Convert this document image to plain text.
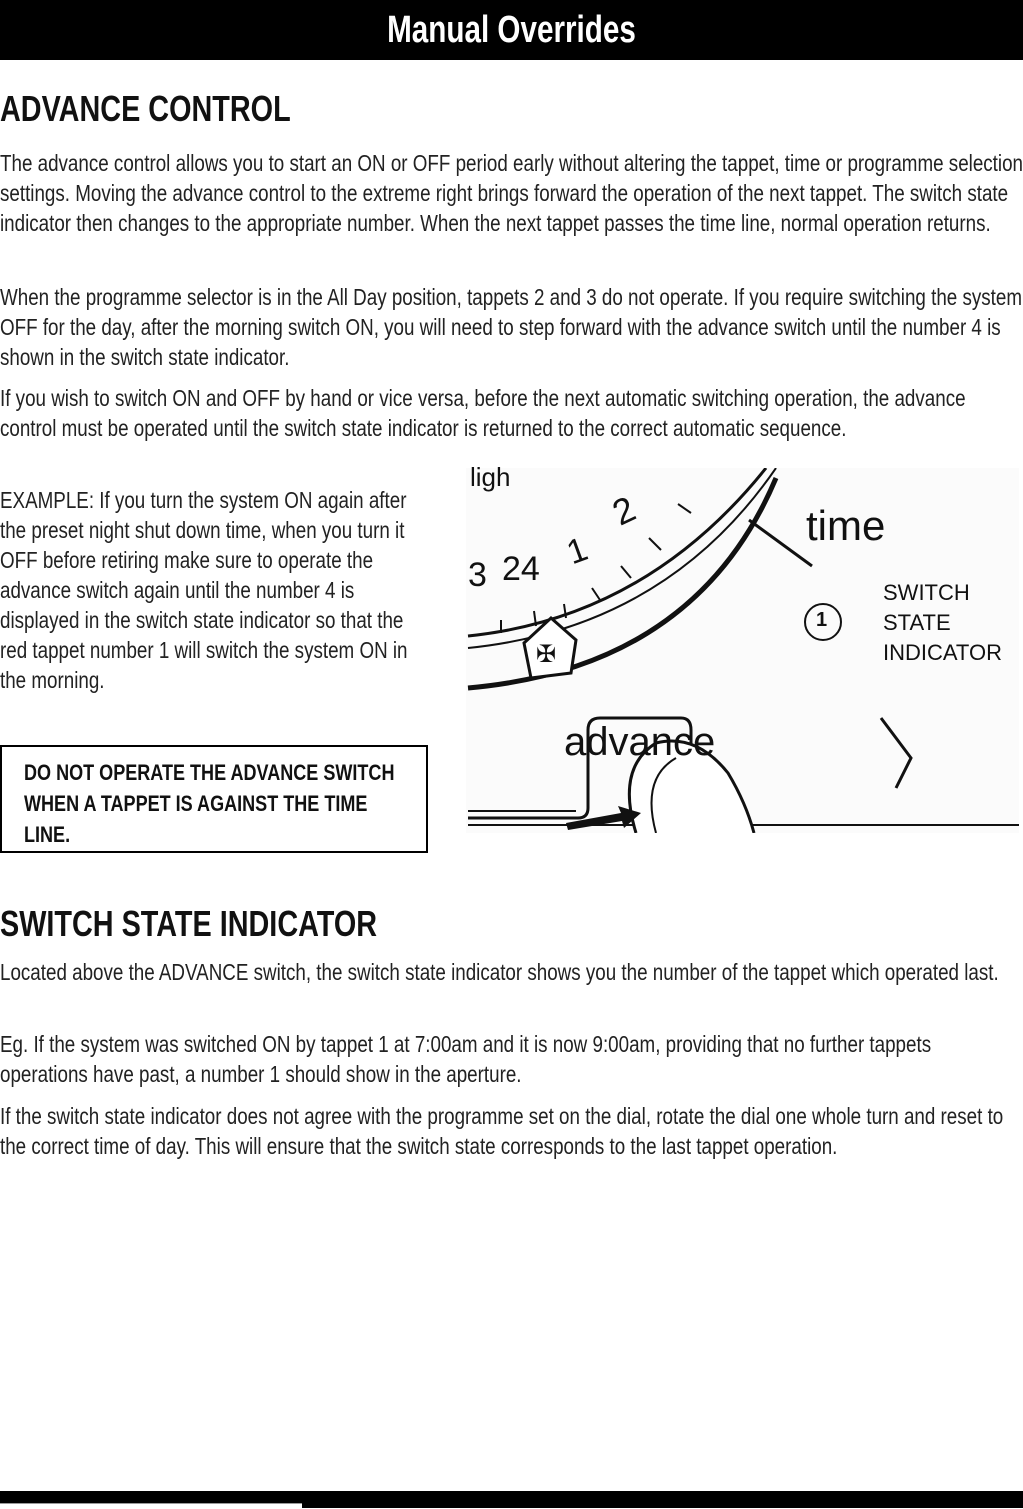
Manual Overrides
ADVANCE CONTROL

The advance control allows you to start an ON or OFF period early without altering the tappet, time or programme selection settings. Moving the advance control to the extreme right brings forward the operation of the next tappet. The switch state indicator then changes to the appropriate number. When the next tappet passes the time line, normal operation returns.

When the programme selector is in the All Day position, tappets 2 and 3 do not operate. If you require switching the system OFF for the day, after the morning switch ON, you will need to step forward with the advance switch until the number 4 is shown in the switch state indicator.

If you wish to switch ON and OFF by hand or vice versa, before the next automatic switching operation, the advance control must be operated until the switch state indicator is returned to the correct automatic sequence.

EXAMPLE: If you turn the system ON again after the preset night shut down time, when you turn it OFF before retiring make sure to operate the advance switch again until the number 4 is displayed in the switch state indicator so that the red tappet number 1 will switch the system ON in the morning.

DO NOT OPERATE THE ADVANCE SWITCH WHEN A TAPPET IS AGAINST THE TIME LINE.

✠
ligh
3 24 1
2	time
1
SWITCH
STATE
INDICATOR
advance
SWITCH STATE INDICATOR

Located above the ADVANCE switch, the switch state indicator shows you the number of the tappet which operated last.

Eg. If the system was switched ON by tappet 1 at 7:00am and it is now 9:00am, providing that no further tappets operations have past, a number 1 should show in the aperture.

If the switch state indicator does not agree with the programme set on the dial, rotate the dial one whole turn and reset to the correct time of day. This will ensure that the switch state corresponds to the last tappet operation.
